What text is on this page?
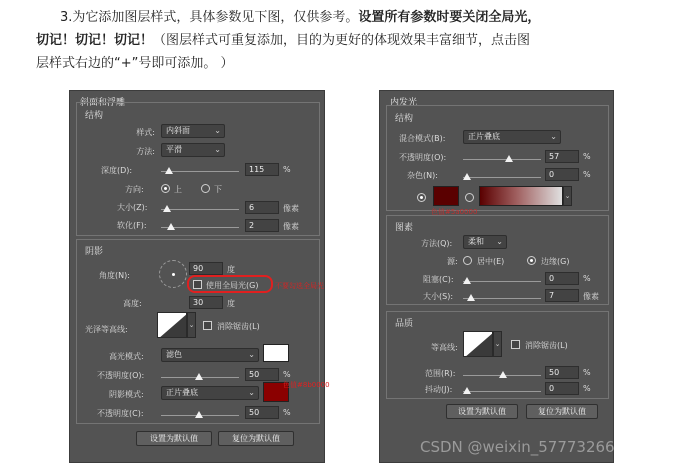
3.为它添加图层样式，具体参数见下图，仅供参考。设置所有参数时要关闭全局光，

切记！切记！切记！（图层样式可重复添加，目的为更好的体现效果丰富细节，点击图

层样式右边的“+”号即可添加。 ）

斜面和浮雕
结构
样式:	内斜面	⌄
方法:	平滑	⌄
深度(D):	115	%
方向:	上	下
大小(Z):	6	像素
软化(F):	2	像素
阴影
角度(N):
90	度
使用全局光(G) 不要勾选全局光
高度:	30	度
光泽等高线:	⌄	消除锯齿(L)
高光模式:	滤色	⌄
不透明度(O):	50	%
阴影模式:	正片叠底	⌄
色值#8b0000
不透明度(C):	50	%
设置为默认值	复位为默认值
内发光
结构
混合模式(B):	正片叠底	⌄
不透明度(O):	57	%
杂色(N):	0	%
色值#5a0000
⌄
图素
方法(Q):	柔和 ⌄
源: 居中(E)	边缘(G)
阻塞(C):	0	%
大小(S):	7	像素
品质
等高线:	⌄	消除锯齿(L)
范围(R):	50	%
抖动(J):	0	%
设置为默认值	复位为默认值
CSDN @weixin_57773266
